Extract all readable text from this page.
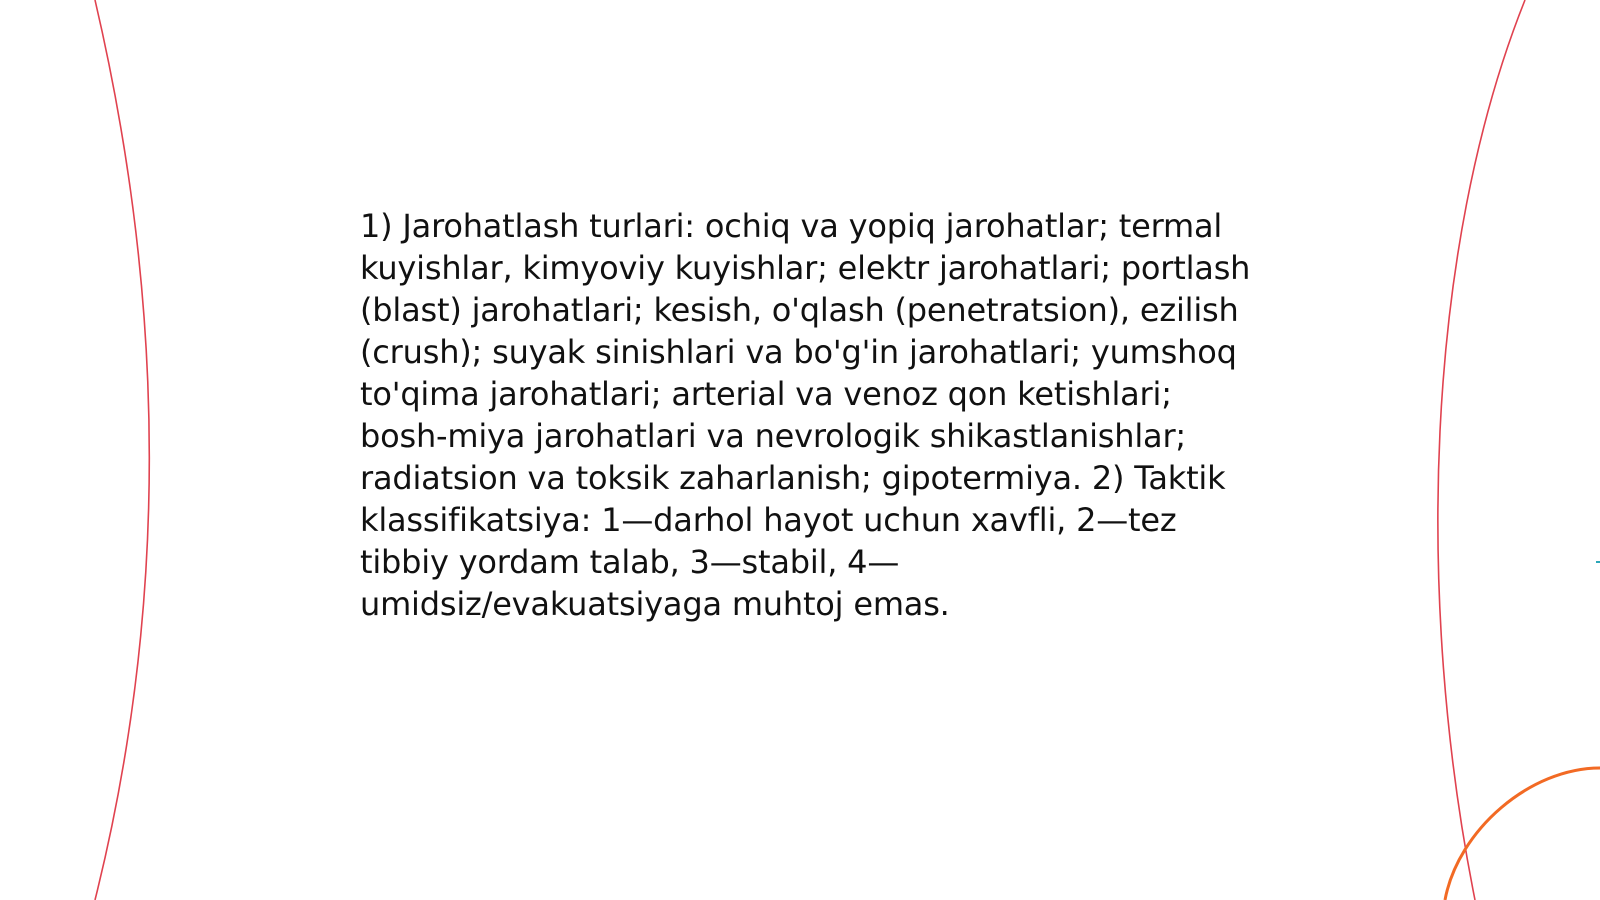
1) Jarohatlash turlari: ochiq va yopiq jarohatlar; termal kuyishlar, kimyoviy kuyishlar; elektr jarohatlari; portlash (blast) jarohatlari; kesish, o'qlash (penetratsion), ezilish (crush); suyak sinishlari va bo'g'in jarohatlari; yumshoq to'qima jarohatlari; arterial va venoz qon ketishlari; bosh-miya jarohatlari va nevrologik shikastlanishlar; radiatsion va toksik zaharlanish; gipotermiya. 2) Taktik klassifikatsiya: 1—darhol hayot uchun xavfli, 2—tez tibbiy yordam talab, 3—stabil, 4—umidsiz/evakuatsiyaga muhtoj emas.
